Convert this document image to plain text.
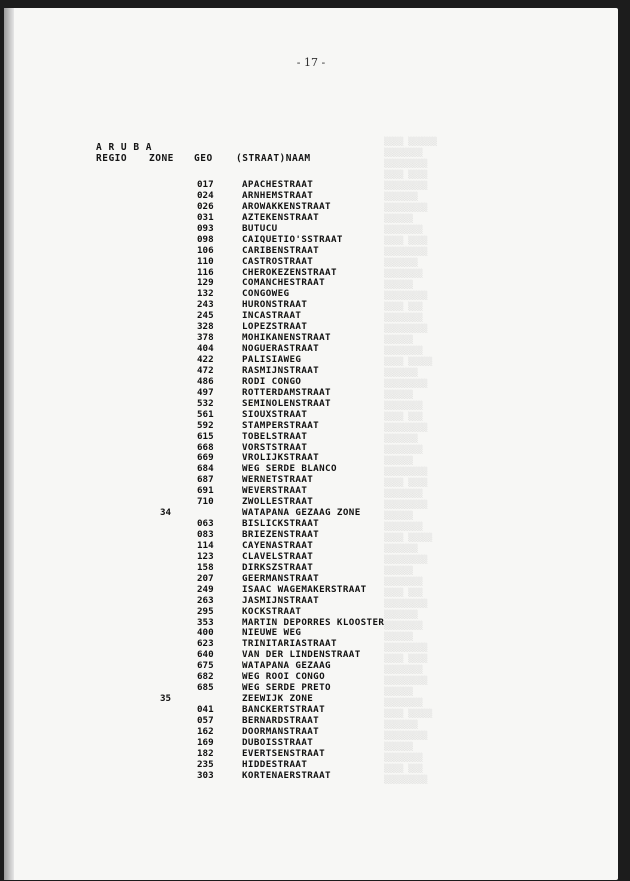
▒▒▒▒ ▒▒▒▒▒▒
▒▒▒▒▒▒▒▒
▒▒▒▒▒▒▒▒▒
▒▒▒▒ ▒▒▒▒
▒▒▒▒▒▒▒▒▒
▒▒▒▒▒▒▒
▒▒▒▒▒▒▒▒▒
▒▒▒▒▒▒
▒▒▒▒▒▒▒▒
▒▒▒▒ ▒▒▒▒
▒▒▒▒▒▒▒▒▒
▒▒▒▒▒▒▒
▒▒▒▒▒▒▒▒
▒▒▒▒▒▒
▒▒▒▒▒▒▒▒▒
▒▒▒▒ ▒▒▒
▒▒▒▒▒▒▒▒
▒▒▒▒▒▒▒▒▒
▒▒▒▒▒▒
▒▒▒▒▒▒▒▒
▒▒▒▒ ▒▒▒▒▒
▒▒▒▒▒▒▒
▒▒▒▒▒▒▒▒▒
▒▒▒▒▒▒
▒▒▒▒▒▒▒▒
▒▒▒▒ ▒▒▒
▒▒▒▒▒▒▒▒▒
▒▒▒▒▒▒▒
▒▒▒▒▒▒▒▒
▒▒▒▒▒▒
▒▒▒▒▒▒▒▒▒
▒▒▒▒ ▒▒▒▒
▒▒▒▒▒▒▒▒
▒▒▒▒▒▒▒▒▒
▒▒▒▒▒▒
▒▒▒▒▒▒▒▒
▒▒▒▒ ▒▒▒▒▒
▒▒▒▒▒▒▒
▒▒▒▒▒▒▒▒▒
▒▒▒▒▒▒
▒▒▒▒▒▒▒▒
▒▒▒▒ ▒▒▒
▒▒▒▒▒▒▒▒▒
▒▒▒▒▒▒▒
▒▒▒▒▒▒▒▒
▒▒▒▒▒▒
▒▒▒▒▒▒▒▒▒
▒▒▒▒ ▒▒▒▒
▒▒▒▒▒▒▒▒
▒▒▒▒▒▒▒▒▒
▒▒▒▒▒▒
▒▒▒▒▒▒▒▒
▒▒▒▒ ▒▒▒▒▒
▒▒▒▒▒▒▒
▒▒▒▒▒▒▒▒▒
▒▒▒▒▒▒
▒▒▒▒▒▒▒▒
▒▒▒▒ ▒▒▒
▒▒▒▒▒▒▒▒▒
- 17 -
A R U B A
REGIO ZONE GEO (STRAAT)NAAM
017	APACHESTRAAT
024	ARNHEMSTRAAT
026	AROWAKKENSTRAAT
031	AZTEKENSTRAAT
093	BUTUCU
098	CAIQUETIO'SSTRAAT
106	CARIBENSTRAAT
110	CASTROSTRAAT
116	CHEROKEZENSTRAAT
129	COMANCHESTRAAT
132	CONGOWEG
243	HURONSTRAAT
245	INCASTRAAT
328	LOPEZSTRAAT
378	MOHIKANENSTRAAT
404	NOGUERASTRAAT
422	PALISIAWEG
472	RASMIJNSTRAAT
486	RODI CONGO
497	ROTTERDAMSTRAAT
532	SEMINOLENSTRAAT
561	SIOUXSTRAAT
592	STAMPERSTRAAT
615	TOBELSTRAAT
668	VORSTSTRAAT
669	VROLIJKSTRAAT
684	WEG SERDE BLANCO
687	WERNETSTRAAT
691	WEVERSTRAAT
710	ZWOLLESTRAAT
34	WATAPANA GEZAAG ZONE
063	BISLICKSTRAAT
083	BRIEZENSTRAAT
114	CAYENASTRAAT
123	CLAVELSTRAAT
158	DIRKSZSTRAAT
207	GEERMANSTRAAT
249	ISAAC WAGEMAKERSTRAAT
263	JASMIJNSTRAAT
295	KOCKSTRAAT
353	MARTIN DEPORRES KLOOSTER
400	NIEUWE WEG
623	TRINITARIASTRAAT
640	VAN DER LINDENSTRAAT
675	WATAPANA GEZAAG
682	WEG ROOI CONGO
685	WEG SERDE PRETO
35	ZEEWIJK ZONE
041	BANCKERTSTRAAT
057	BERNARDSTRAAT
162	DOORMANSTRAAT
169	DUBOISSTRAAT
182	EVERTSENSTRAAT
235	HIDDESTRAAT
303	KORTENAERSTRAAT
